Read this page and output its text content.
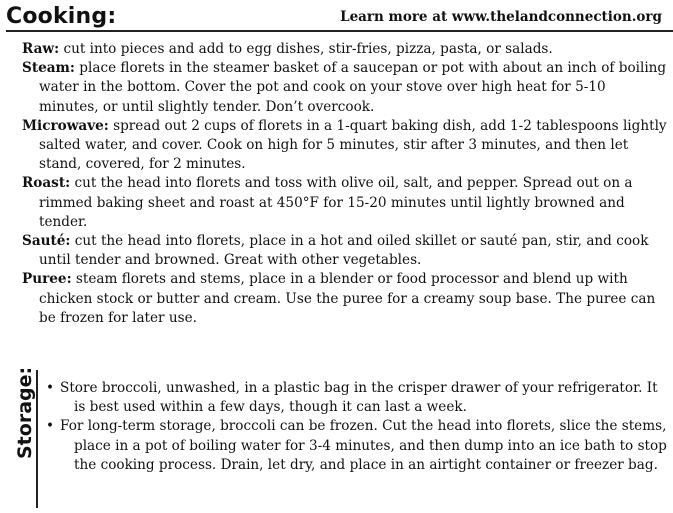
Cooking:	Learn more at www.thelandconnection.org
Raw: cut into pieces and add to egg dishes, stir-fries, pizza, pasta, or salads.
Steam: place florets in the steamer basket of a saucepan or pot with about an inch of boiling water in the bottom. Cover the pot and cook on your stove over high heat for 5-10 minutes, or until slightly tender. Don’t overcook.
Microwave: spread out 2 cups of florets in a 1-quart baking dish, add 1-2 tablespoons lightly salted water, and cover. Cook on high for 5 minutes, stir after 3 minutes, and then let stand, covered, for 2 minutes.
Roast: cut the head into florets and toss with olive oil, salt, and pepper. Spread out on a rimmed baking sheet and roast at 450°F for 15-20 minutes until lightly browned and tender.
Sauté: cut the head into florets, place in a hot and oiled skillet or sauté pan, stir, and cook until tender and browned. Great with other vegetables.
Puree: steam florets and stems, place in a blender or food processor and blend up with chicken stock or butter and cream. Use the puree for a creamy soup base. The puree can be frozen for later use.
Storage: • Store broccoli, unwashed, in a plastic bag in the crisper drawer of your refrigerator. It is best used within a few days, though it can last a week.
• For long-term storage, broccoli can be frozen. Cut the head into florets, slice the stems, place in a pot of boiling water for 3-4 minutes, and then dump into an ice bath to stop the cooking process. Drain, let dry, and place in an airtight container or freezer bag.
